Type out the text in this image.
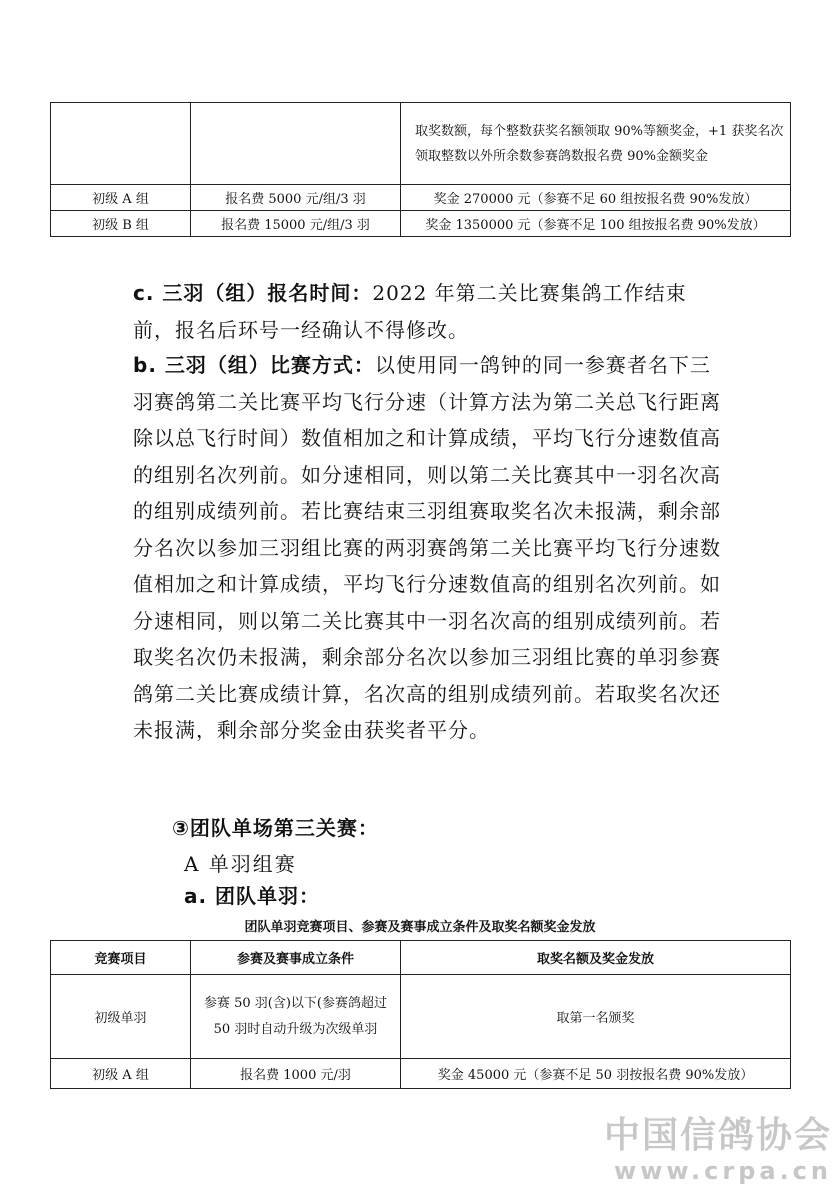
		取奖数额，每个整数获奖名额领取 90%等额奖金，+1 获奖名次领取整数以外所余数参赛鸽数报名费 90%金额奖金
初级 A 组	报名费 5000 元/组/3 羽	奖金 270000 元（参赛不足 60 组按报名费 90%发放）
初级 B 组	报名费 15000 元/组/3 羽	奖金 1350000 元（参赛不足 100 组按报名费 90%发放）

c. 三羽（组）报名时间：2022 年第二关比赛集鸽工作结束前，报名后环号一经确认不得修改。

b. 三羽（组）比赛方式：以使用同一鸽钟的同一参赛者名下三羽赛鸽第二关比赛平均飞行分速（计算方法为第二关总飞行距离除以总飞行时间）数值相加之和计算成绩，平均飞行分速数值高的组别名次列前。如分速相同，则以第二关比赛其中一羽名次高的组别成绩列前。若比赛结束三羽组赛取奖名次未报满，剩余部分名次以参加三羽组比赛的两羽赛鸽第二关比赛平均飞行分速数值相加之和计算成绩，平均飞行分速数值高的组别名次列前。如分速相同，则以第二关比赛其中一羽名次高的组别成绩列前。若取奖名次仍未报满，剩余部分名次以参加三羽组比赛的单羽参赛鸽第二关比赛成绩计算，名次高的组别成绩列前。若取奖名次还未报满，剩余部分奖金由获奖者平分。

③团队单场第三关赛：

A 单羽组赛

a. 团队单羽：

团队单羽竞赛项目、参赛及赛事成立条件及取奖名额奖金发放

竞赛项目	参赛及赛事成立条件	取奖名额及奖金发放
初级单羽	参赛 50 羽(含)以下(参赛鸽超过 50 羽时自动升级为次级单羽	取第一名颁奖
初级 A 组	报名费 1000 元/羽	奖金 45000 元（参赛不足 50 羽按报名费 90%发放）
中国信鸽协会
www.crpa.cn
